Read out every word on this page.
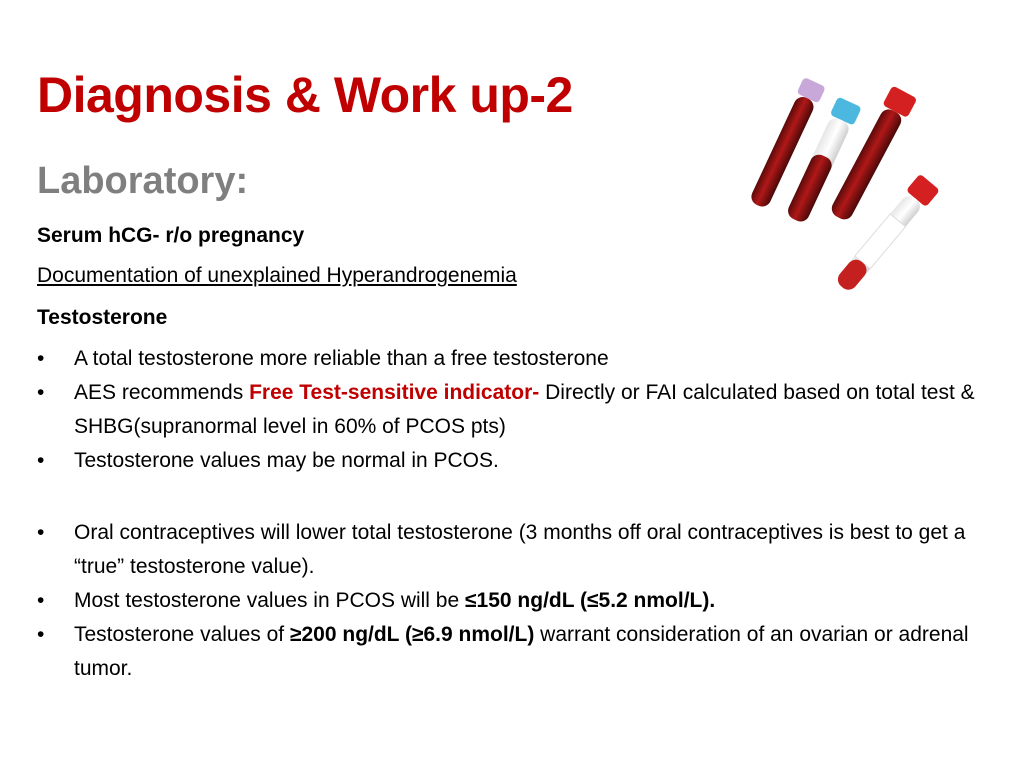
Diagnosis & Work up-2
Laboratory:
Serum hCG- r/o pregnancy
Documentation of unexplained Hyperandrogenemia
Testosterone

• A total testosterone more reliable than a free testosterone

• AES recommends Free Test-sensitive indicator- Directly or FAI calculated based on total test & SHBG(supranormal level in 60% of PCOS pts)

• Testosterone values may be normal in PCOS.

• Oral contraceptives will lower total testosterone (3 months off oral contraceptives is best to get a “true” testosterone value).

• Most testosterone values in PCOS will be ≤150 ng/dL (≤5.2 nmol/L).

• Testosterone values of ≥200 ng/dL (≥6.9 nmol/L) warrant consideration of an ovarian or adrenal tumor.
